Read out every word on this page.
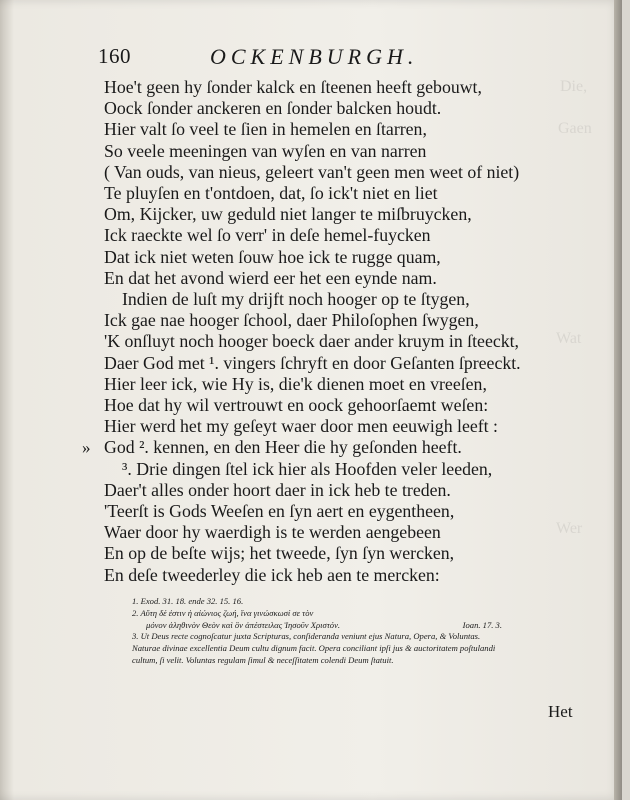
Die,
Gaen
Wat
Wer
160	OCKENBURGH.
Hoe't geen hy ſonder kalck en ſteenen heeft gebouwt,
Oock ſonder anckeren en ſonder balcken houdt.
Hier valt ſo veel te ſien in hemelen en ſtarren,
So veele meeningen van wyſen en van narren
( Van ouds, van nieus, geleert van't geen men weet of niet)
Te pluyſen en t'ontdoen, dat, ſo ick't niet en liet
Om, Kijcker, uw geduld niet langer te miſbruycken,
Ick raeckte wel ſo verr' in deſe hemel-fuycken
Dat ick niet weten ſouw hoe ick te rugge quam,
En dat het avond wierd eer het een eynde nam.
Indien de luſt my drijft noch hooger op te ſtygen,
Ick gae nae hooger ſchool, daer Philoſophen ſwygen,
'K onſluyt noch hooger boeck daer ander kruym in ſteeckt,
Daer God met ¹. vingers ſchryft en door Geſanten ſpreeckt.
Hier leer ick, wie Hy is, die'k dienen moet en vreeſen,
Hoe dat hy wil vertrouwt en oock gehoorſaemt weſen:
Hier werd het my geſeyt waer door men eeuwigh leeft :
» God ². kennen, en den Heer die hy geſonden heeft.
³. Drie dingen ſtel ick hier als Hoofden veler leeden,
Daer't alles onder hoort daer in ick heb te treden.
'Teerſt is Gods Weeſen en ſyn aert en eygentheen,
Waer door hy waerdigh is te werden aengebeen
En op de beſte wijs; het tweede, ſyn ſyn wercken,
En deſe tweederley die ick heb aen te mercken:
1. Exod. 31. 18. ende 32. 15. 16.
2. Αὕτη δέ ἐστιν ἡ αἰώνιος ζωή, ἵνα γινώσκωσί σε τὸν
μόνον ἀληθινὸν Θεὸν καὶ ὃν ἀπέστειλας Ἰησοῦν Χριστόν.	Ioan. 17. 3.
3. Ut Deus recte cognoſcatur juxta Scripturas, conſideranda veniunt ejus Natura, Opera, & Voluntas. Naturae divinae excellentia Deum cultu dignum facit. Opera conciliant ipſi jus & auctoritatem poſtulandi cultum, ſi velit. Voluntas regulam ſimul & neceſſitatem colendi Deum ſtatuit.
Het
